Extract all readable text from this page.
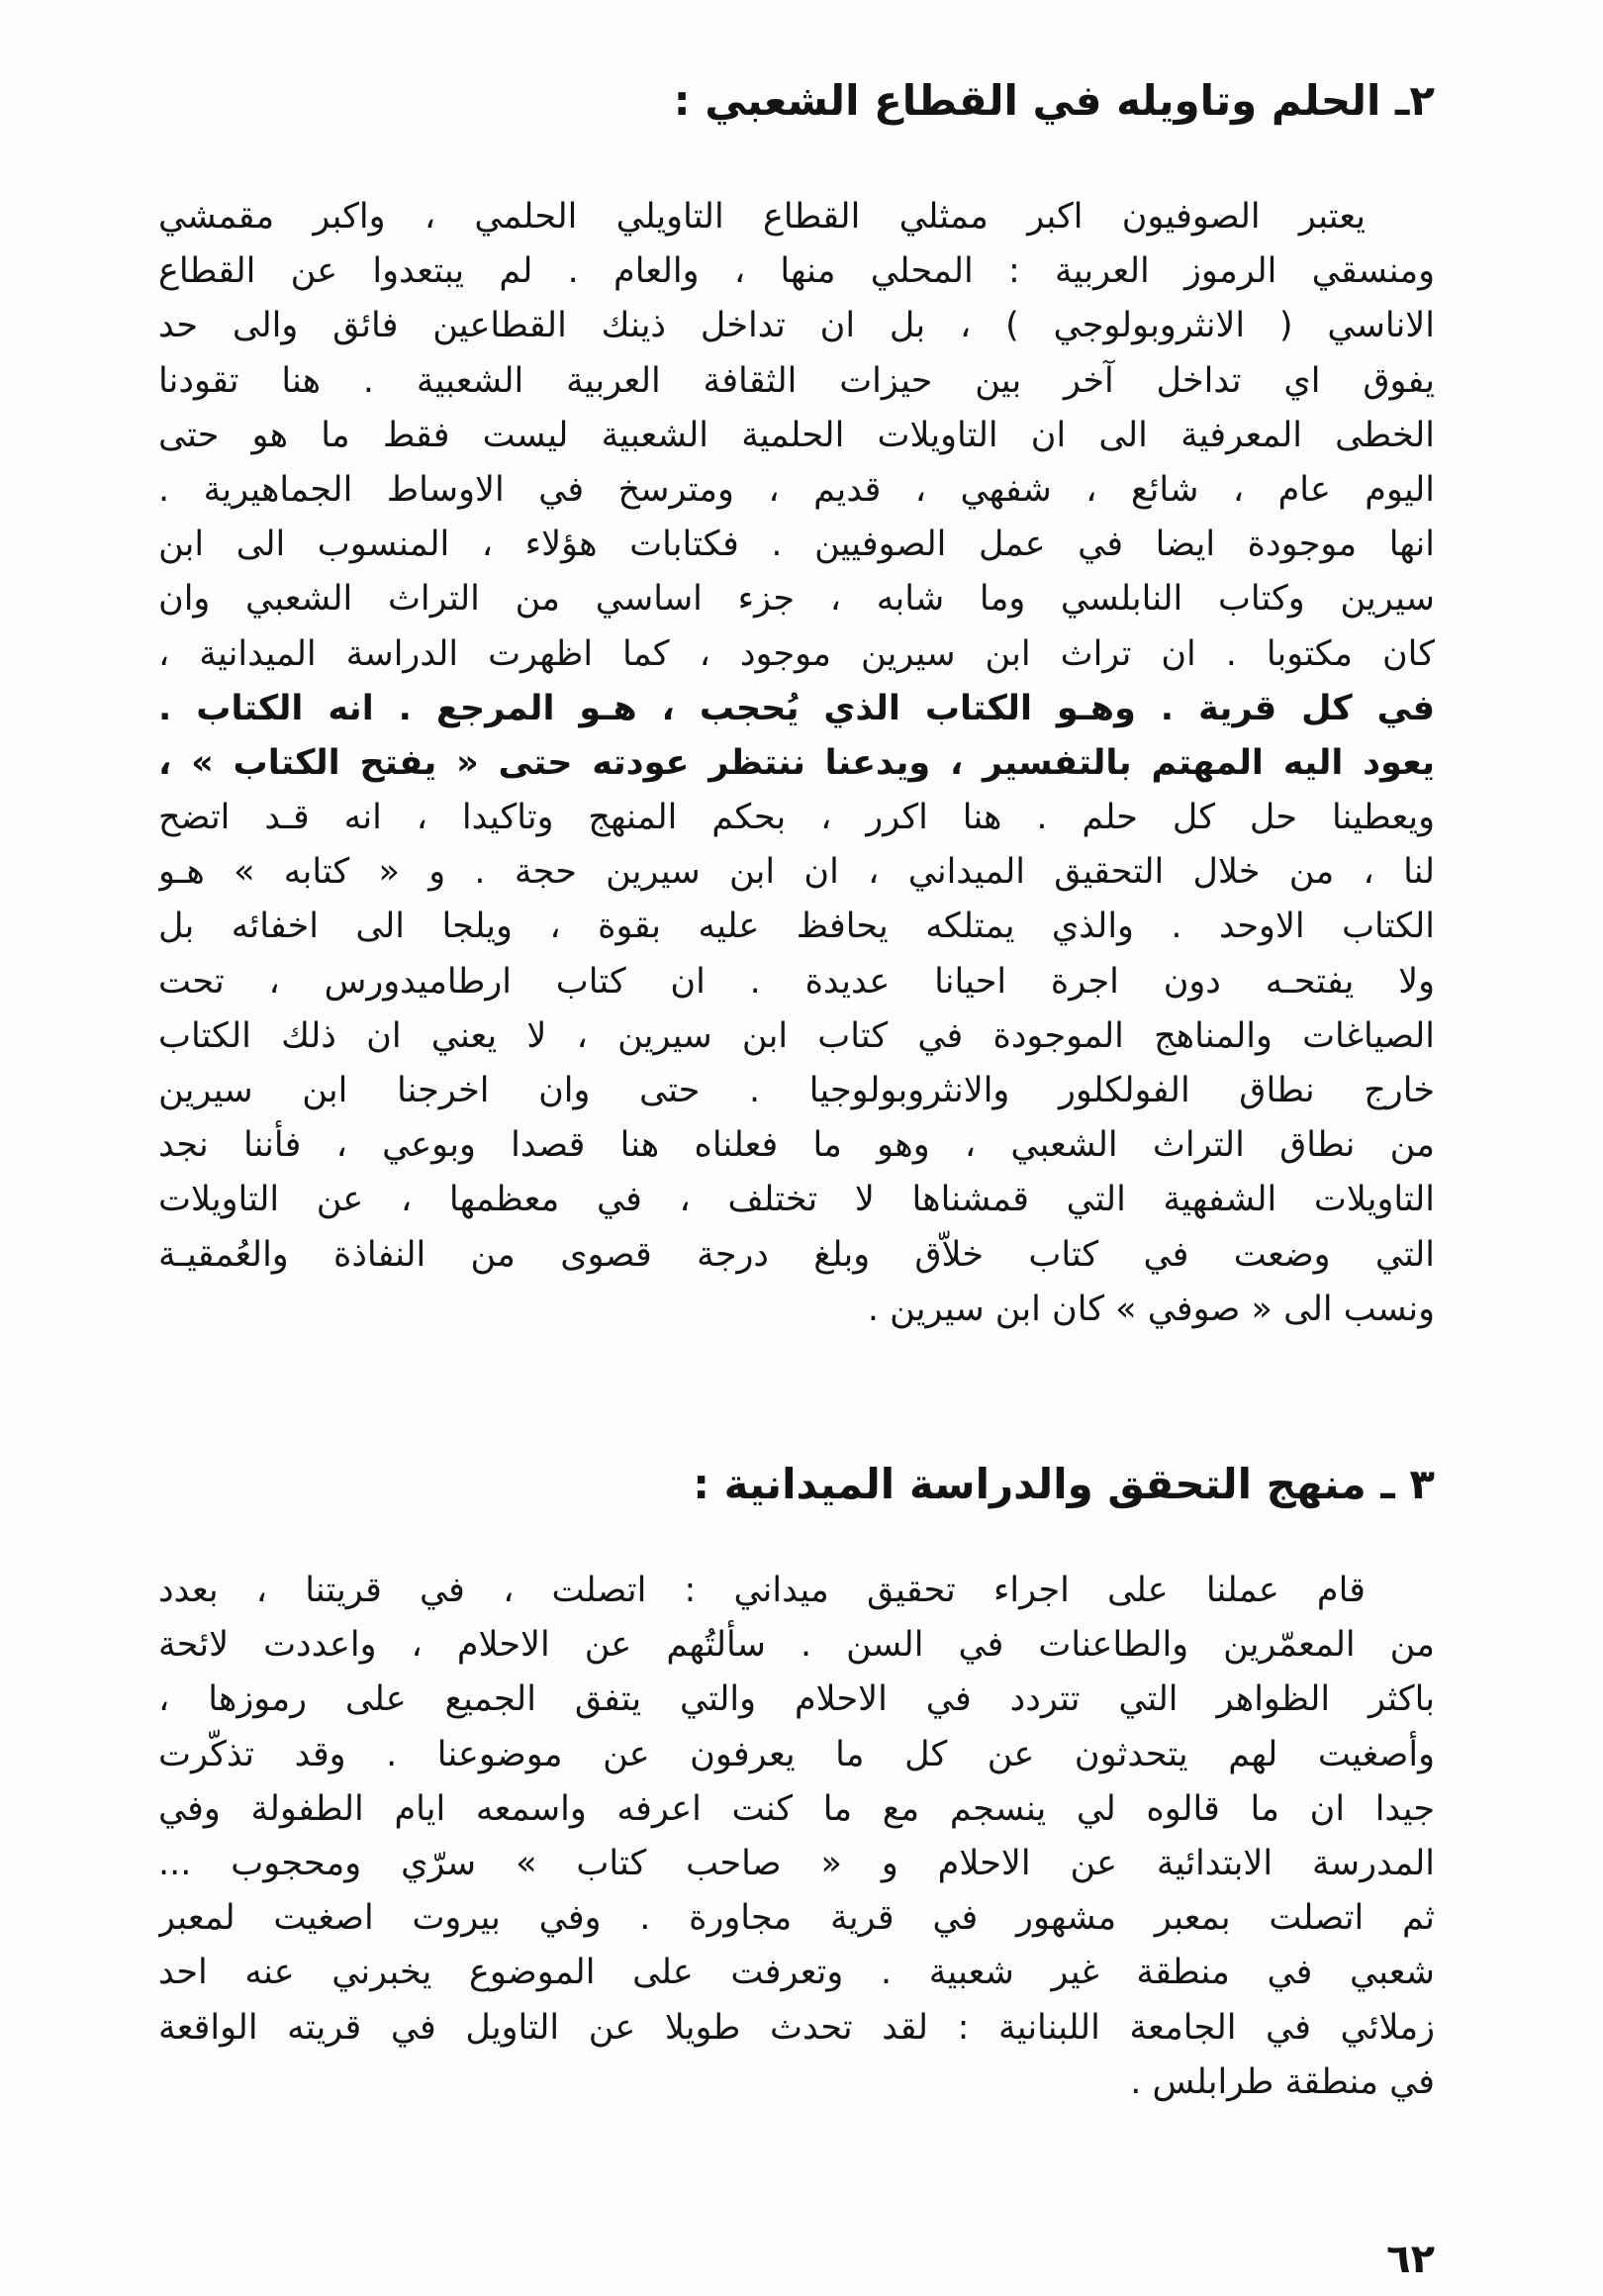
٢ـ الحلم وتاويله في القطاع الشعبي :
يعتبر الصوفيون اكبر ممثلي القطاع التاويلي الحلمي ، واكبر مقمشي
ومنسقي الرموز العربية : المحلي منها ، والعام . لم يبتعدوا عن القطاع
الاناسي ( الانثروبولوجي ) ، بل ان تداخل ذينك القطاعين فائق والى حد
يفوق اي تداخل آخر بين حيزات الثقافة العربية الشعبية . هنا تقودنا
الخطى المعرفية الى ان التاويلات الحلمية الشعبية ليست فقط ما هو حتى
اليوم عام ، شائع ، شفهي ، قديم ، ومترسخ في الاوساط الجماهيرية .
انها موجودة ايضا في عمل الصوفيين . فكتابات هؤلاء ، المنسوب الى ابن
سيرين وكتاب النابلسي وما شابه ، جزء اساسي من التراث الشعبي وان
كان مكتوبا . ان تراث ابن سيرين موجود ، كما اظهرت الدراسة الميدانية ،
في كل قرية . وهـو الكتاب الذي يُحجب ، هـو المرجع . انه الكتاب .
يعود اليه المهتم بالتفسير ، ويدعنا ننتظر عودته حتى « يفتح الكتاب » ،
ويعطينا حل كل حلم . هنا اكرر ، بحكم المنهج وتاكيدا ، انه قـد اتضح
لنا ، من خلال التحقيق الميداني ، ان ابن سيرين حجة . و « كتابه » هـو
الكتاب الاوحد . والذي يمتلكه يحافظ عليه بقوة ، ويلجا الى اخفائه بل
ولا يفتحـه دون اجرة احيانا عديدة . ان كتاب ارطاميدورس ، تحت
الصياغات والمناهج الموجودة في كتاب ابن سيرين ، لا يعني ان ذلك الكتاب
خارج نطاق الفولكلور والانثروبولوجيا . حتى وان اخرجنا ابن سيرين
من نطاق التراث الشعبي ، وهو ما فعلناه هنا قصدا وبوعي ، فأننا نجد
التاويلات الشفهية التي قمشناها لا تختلف ، في معظمها ، عن التاويلات
التي وضعت في كتاب خلاّق وبلغ درجة قصوى من النفاذة والعُمقيـة
ونسب الى « صوفي » كان ابن سيرين .
٣ ـ منهج التحقق والدراسة الميدانية :
قام عملنا على اجراء تحقيق ميداني : اتصلت ، في قريتنا ، بعدد
من المعمّرين والطاعنات في السن . سألتُهم عن الاحلام ، واعددت لائحة
باكثر الظواهر التي تتردد في الاحلام والتي يتفق الجميع على رموزها ،
وأصغيت لهم يتحدثون عن كل ما يعرفون عن موضوعنا . وقد تذكّرت
جيدا ان ما قالوه لي ينسجم مع ما كنت اعرفه واسمعه ايام الطفولة وفي
المدرسة الابتدائية عن الاحلام و « صاحب كتاب » سرّي ومحجوب ...
ثم اتصلت بمعبر مشهور في قرية مجاورة . وفي بيروت اصغيت لمعبر
شعبي في منطقة غير شعبية . وتعرفت على الموضوع يخبرني عنه احد
زملائي في الجامعة اللبنانية : لقد تحدث طويلا عن التاويل في قريته الواقعة
في منطقة طرابلس .
٦٢
